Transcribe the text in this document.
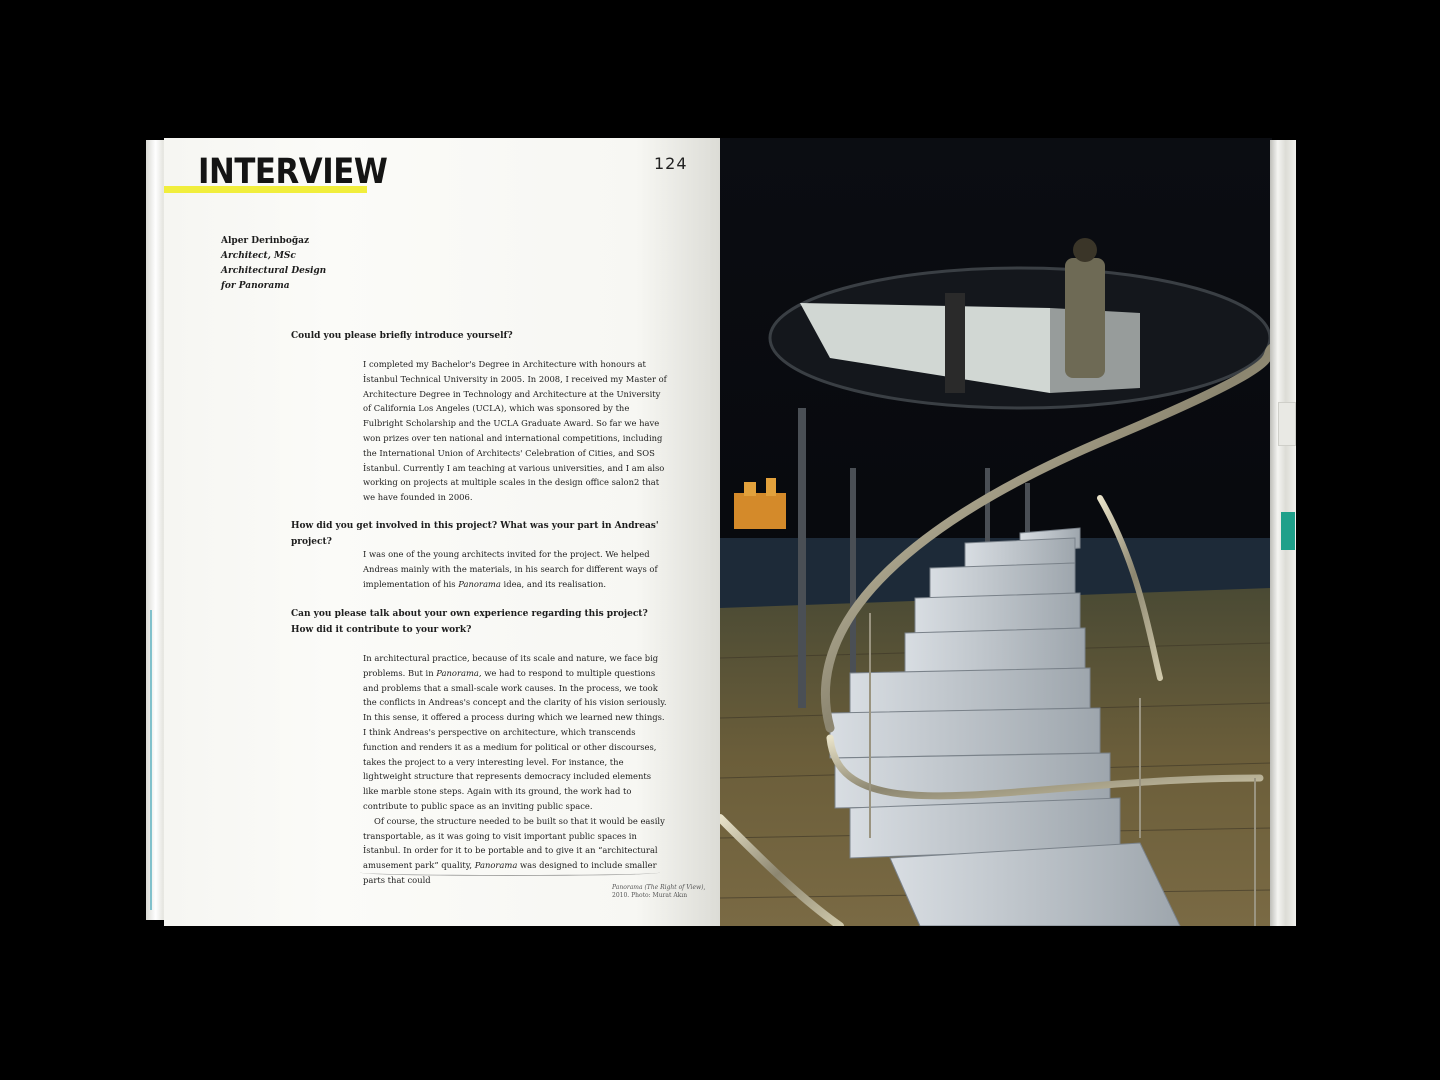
INTERVIEW	124
Alper Derinboğaz
Architect, MSc
Architectural Design
for Panorama
Could you please briefly introduce yourself?

I completed my Bachelor's Degree in Architecture with honours at İstanbul Technical University in 2005. In 2008, I received my Master of Architecture Degree in Technology and Architecture at the University of California Los Angeles (UCLA), which was sponsored by the Fulbright Scholarship and the UCLA Graduate Award. So far we have won prizes over ten national and international competitions, including the International Union of Architects' Celebration of Cities, and SOS İstanbul. Currently I am teaching at various universities, and I am also working on projects at multiple scales in the design office salon2 that we have founded in 2006.

How did you get involved in this project? What was your part in Andreas' project?

I was one of the young architects invited for the project. We helped Andreas mainly with the materials, in his search for different ways of implementation of his Panorama idea, and its realisation.

Can you please talk about your own experience regarding this project? How did it contribute to your work?

In architectural practice, because of its scale and nature, we face big problems. But in Panorama, we had to respond to multiple questions and problems that a small-scale work causes. In the process, we took the conflicts in Andreas's concept and the clarity of his vision seriously. In this sense, it offered a process during which we learned new things. I think Andreas's perspective on architecture, which transcends function and renders it as a medium for political or other discourses, takes the project to a very interesting level. For instance, the lightweight structure that represents democracy included elements like marble stone steps. Again with its ground, the work had to contribute to public space as an inviting public space.

Of course, the structure needed to be built so that it would be easily transportable, as it was going to visit important public spaces in İstanbul. In order for it to be portable and to give it an “architectural amusement park” quality, Panorama was designed to include smaller parts that could

Panorama (The Right of View),
2010. Photo: Murat Akın
